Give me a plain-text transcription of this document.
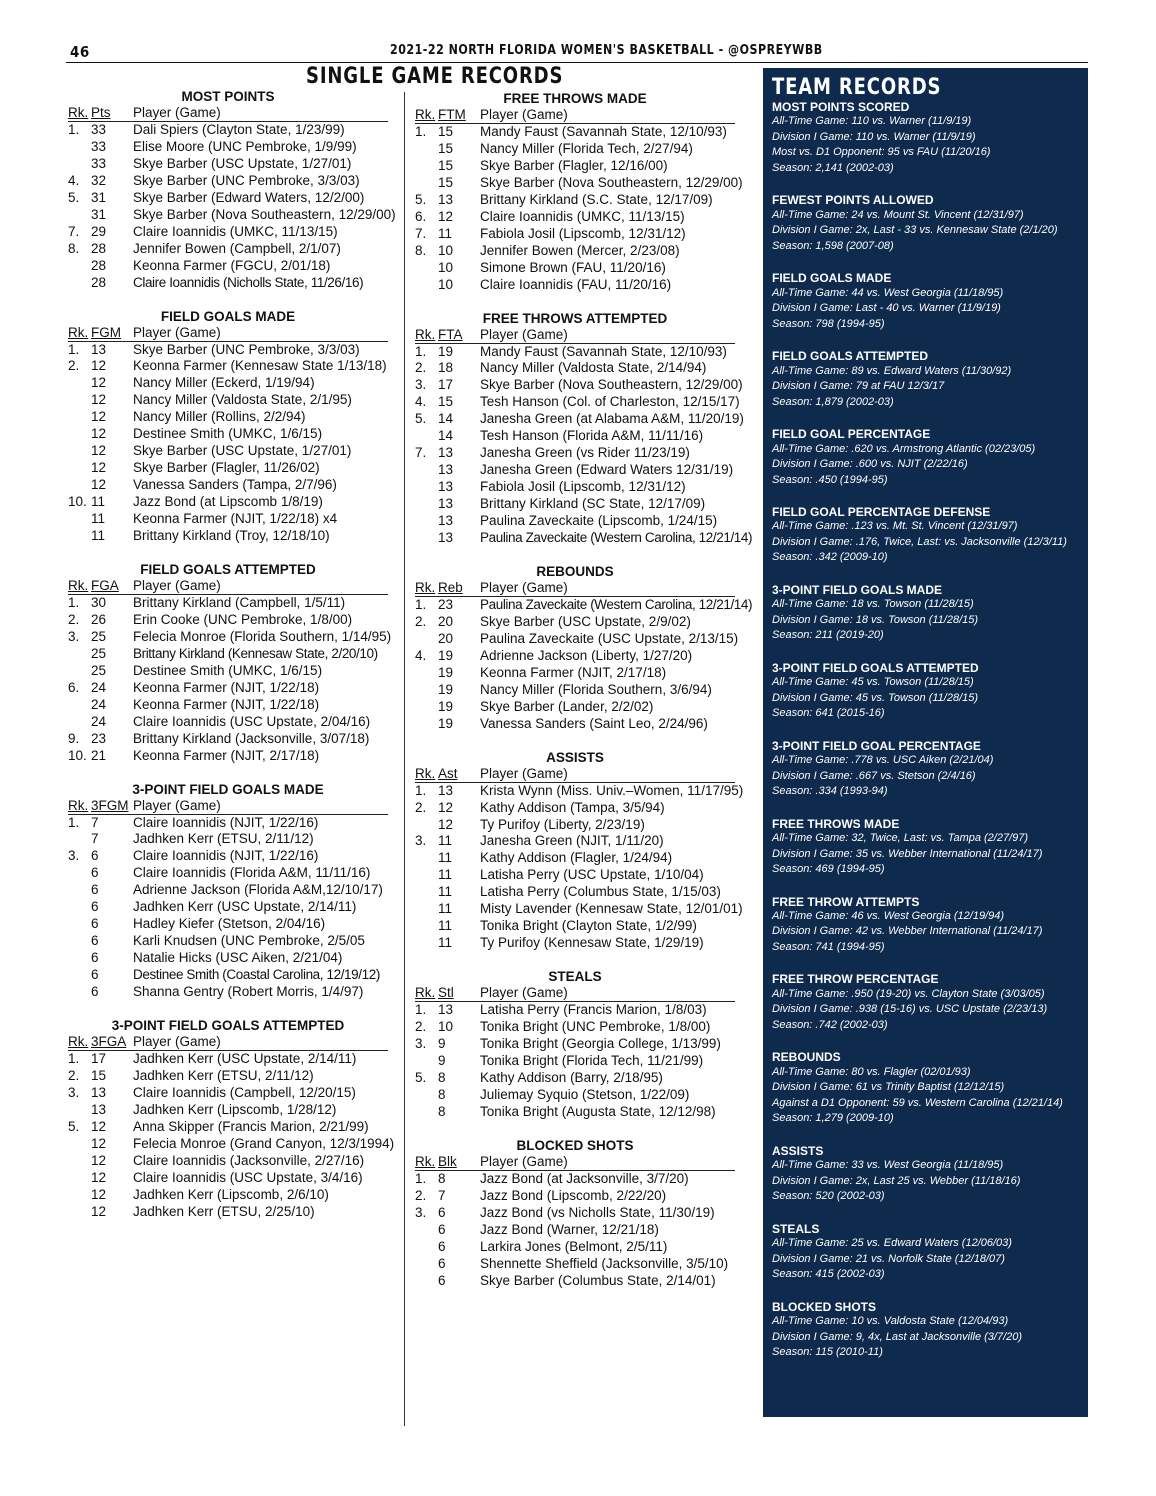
46	2021-22 NORTH FLORIDA WOMEN'S BASKETBALL - @OSPREYWBB
SINGLE GAME RECORDS
MOST POINTS
Rk. Pts	Player (Game)
1. 33	Dali Spiers (Clayton State, 1/23/99)
33	Elise Moore (UNC Pembroke, 1/9/99)
33	Skye Barber (USC Upstate, 1/27/01)
4. 32	Skye Barber (UNC Pembroke, 3/3/03)
5. 31	Skye Barber (Edward Waters, 12/2/00)
31	Skye Barber (Nova Southeastern, 12/29/00)
7. 29	Claire Ioannidis (UMKC, 11/13/15)
8. 28	Jennifer Bowen (Campbell, 2/1/07)
28	Keonna Farmer (FGCU, 2/01/18)
28	Claire Ioannidis (Nicholls State, 11/26/16)
FIELD GOALS MADE
Rk. FGM Player (Game)
1. 13	Skye Barber (UNC Pembroke, 3/3/03)
2. 12	Keonna Farmer (Kennesaw State 1/13/18)
12	Nancy Miller (Eckerd, 1/19/94)
12	Nancy Miller (Valdosta State, 2/1/95)
12	Nancy Miller (Rollins, 2/2/94)
12	Destinee Smith (UMKC, 1/6/15)
12	Skye Barber (USC Upstate, 1/27/01)
12	Skye Barber (Flagler, 11/26/02)
12	Vanessa Sanders (Tampa, 2/7/96)
10. 11	Jazz Bond (at Lipscomb 1/8/19)
11	Keonna Farmer (NJIT, 1/22/18) x4
11	Brittany Kirkland (Troy, 12/18/10)
FIELD GOALS ATTEMPTED
Rk. FGA	Player (Game)
1. 30	Brittany Kirkland (Campbell, 1/5/11)
2. 26	Erin Cooke (UNC Pembroke, 1/8/00)
3. 25	Felecia Monroe (Florida Southern, 1/14/95)
25	Brittany Kirkland (Kennesaw State, 2/20/10)
25	Destinee Smith (UMKC, 1/6/15)
6. 24	Keonna Farmer (NJIT, 1/22/18)
24	Keonna Farmer (NJIT, 1/22/18)
24	Claire Ioannidis (USC Upstate, 2/04/16)
9. 23	Brittany Kirkland (Jacksonville, 3/07/18)
10. 21	Keonna Farmer (NJIT, 2/17/18)
3-POINT FIELD GOALS MADE
Rk. 3FGM Player (Game)
1. 7	Claire Ioannidis (NJIT, 1/22/16)
7	Jadhken Kerr (ETSU, 2/11/12)
3. 6	Claire Ioannidis (NJIT, 1/22/16)
6	Claire Ioannidis (Florida A&M, 11/11/16)
6	Adrienne Jackson (Florida A&M,12/10/17)
6	Jadhken Kerr (USC Upstate, 2/14/11)
6	Hadley Kiefer (Stetson, 2/04/16)
6	Karli Knudsen (UNC Pembroke, 2/5/05
6	Natalie Hicks (USC Aiken, 2/21/04)
6	Destinee Smith (Coastal Carolina, 12/19/12)
6	Shanna Gentry (Robert Morris, 1/4/97)
3-POINT FIELD GOALS ATTEMPTED
Rk. 3FGA Player (Game)
1. 17	Jadhken Kerr (USC Upstate, 2/14/11)
2. 15	Jadhken Kerr (ETSU, 2/11/12)
3. 13	Claire Ioannidis (Campbell, 12/20/15)
13	Jadhken Kerr (Lipscomb, 1/28/12)
5. 12	Anna Skipper (Francis Marion, 2/21/99)
12	Felecia Monroe (Grand Canyon, 12/3/1994)
12	Claire Ioannidis (Jacksonville, 2/27/16)
12	Claire Ioannidis (USC Upstate, 3/4/16)
12	Jadhken Kerr (Lipscomb, 2/6/10)
12	Jadhken Kerr (ETSU, 2/25/10)
FREE THROWS MADE
Rk. FTM	Player (Game)
1. 15	Mandy Faust (Savannah State, 12/10/93)
15	Nancy Miller (Florida Tech, 2/27/94)
15	Skye Barber (Flagler, 12/16/00)
15	Skye Barber (Nova Southeastern, 12/29/00)
5. 13	Brittany Kirkland (S.C. State, 12/17/09)
6. 12	Claire Ioannidis (UMKC, 11/13/15)
7. 11	Fabiola Josil (Lipscomb, 12/31/12)
8. 10	Jennifer Bowen (Mercer, 2/23/08)
10	Simone Brown (FAU, 11/20/16)
10	Claire Ioannidis (FAU, 11/20/16)
FREE THROWS ATTEMPTED
Rk. FTA	Player (Game)
1. 19	Mandy Faust (Savannah State, 12/10/93)
2. 18	Nancy Miller (Valdosta State, 2/14/94)
3. 17	Skye Barber (Nova Southeastern, 12/29/00)
4. 15	Tesh Hanson (Col. of Charleston, 12/15/17)
5. 14	Janesha Green (at Alabama A&M, 11/20/19)
14	Tesh Hanson (Florida A&M, 11/11/16)
7. 13	Janesha Green (vs Rider 11/23/19)
13	Janesha Green (Edward Waters 12/31/19)
13	Fabiola Josil (Lipscomb, 12/31/12)
13	Brittany Kirkland (SC State, 12/17/09)
13	Paulina Zaveckaite (Lipscomb, 1/24/15)
13	Paulina Zaveckaite (Western Carolina, 12/21/14)
REBOUNDS
Rk. Reb	Player (Game)
1. 23	Paulina Zaveckaite (Western Carolina, 12/21/14)
2. 20	Skye Barber (USC Upstate, 2/9/02)
20	Paulina Zaveckaite (USC Upstate, 2/13/15)
4. 19	Adrienne Jackson (Liberty, 1/27/20)
19	Keonna Farmer (NJIT, 2/17/18)
19	Nancy Miller (Florida Southern, 3/6/94)
19	Skye Barber (Lander, 2/2/02)
19	Vanessa Sanders (Saint Leo, 2/24/96)
ASSISTS
Rk. Ast	Player (Game)
1. 13	Krista Wynn (Miss. Univ.–Women, 11/17/95)
2. 12	Kathy Addison (Tampa, 3/5/94)
12	Ty Purifoy (Liberty, 2/23/19)
3. 11	Janesha Green (NJIT, 1/11/20)
11	Kathy Addison (Flagler, 1/24/94)
11	Latisha Perry (USC Upstate, 1/10/04)
11	Latisha Perry (Columbus State, 1/15/03)
11	Misty Lavender (Kennesaw State, 12/01/01)
11	Tonika Bright (Clayton State, 1/2/99)
11	Ty Purifoy (Kennesaw State, 1/29/19)
STEALS
Rk. Stl	Player (Game)
1. 13	Latisha Perry (Francis Marion, 1/8/03)
2. 10	Tonika Bright (UNC Pembroke, 1/8/00)
3. 9	Tonika Bright (Georgia College, 1/13/99)
9	Tonika Bright (Florida Tech, 11/21/99)
5. 8	Kathy Addison (Barry, 2/18/95)
8	Juliemay Syquio (Stetson, 1/22/09)
8	Tonika Bright (Augusta State, 12/12/98)
BLOCKED SHOTS
Rk. Blk	Player (Game)
1. 8	Jazz Bond (at Jacksonville, 3/7/20)
2. 7	Jazz Bond (Lipscomb, 2/22/20)
3. 6	Jazz Bond (vs Nicholls State, 11/30/19)
6	Jazz Bond (Warner, 12/21/18)
6	Larkira Jones (Belmont, 2/5/11)
6	Shennette Sheffield (Jacksonville, 3/5/10)
6	Skye Barber (Columbus State, 2/14/01)
TEAM RECORDS
MOST POINTS SCORED
All-Time Game: 110 vs. Warner (11/9/19)
Division I Game: 110 vs. Warner (11/9/19)
Most vs. D1 Opponent: 95 vs FAU (11/20/16)
Season: 2,141 (2002-03)
FEWEST POINTS ALLOWED
All-Time Game: 24 vs. Mount St. Vincent (12/31/97)
Division I Game: 2x, Last - 33 vs. Kennesaw State (2/1/20)
Season: 1,598 (2007-08)
FIELD GOALS MADE
All-Time Game: 44 vs. West Georgia (11/18/95)
Division I Game: Last - 40 vs. Warner (11/9/19)
Season: 798 (1994-95)
FIELD GOALS ATTEMPTED
All-Time Game: 89 vs. Edward Waters (11/30/92)
Division I Game: 79 at FAU 12/3/17
Season: 1,879 (2002-03)
FIELD GOAL PERCENTAGE
All-Time Game: .620 vs. Armstrong Atlantic (02/23/05)
Division I Game: .600 vs. NJIT (2/22/16)
Season: .450 (1994-95)
FIELD GOAL PERCENTAGE DEFENSE
All-Time Game: .123 vs. Mt. St. Vincent (12/31/97)
Division I Game: .176, Twice, Last: vs. Jacksonville (12/3/11)
Season: .342 (2009-10)
3-POINT FIELD GOALS MADE
All-Time Game: 18 vs. Towson (11/28/15)
Division I Game: 18 vs. Towson (11/28/15)
Season: 211 (2019-20)
3-POINT FIELD GOALS ATTEMPTED
All-Time Game: 45 vs. Towson (11/28/15)
Division I Game: 45 vs. Towson (11/28/15)
Season: 641 (2015-16)
3-POINT FIELD GOAL PERCENTAGE
All-Time Game: .778 vs. USC Aiken (2/21/04)
Division I Game: .667 vs. Stetson (2/4/16)
Season: .334 (1993-94)
FREE THROWS MADE
All-Time Game: 32, Twice, Last: vs. Tampa (2/27/97)
Division I Game: 35 vs. Webber International (11/24/17)
Season: 469 (1994-95)
FREE THROW ATTEMPTS
All-Time Game: 46 vs. West Georgia (12/19/94)
Division I Game: 42 vs. Webber International (11/24/17)
Season: 741 (1994-95)
FREE THROW PERCENTAGE
All-Time Game: .950 (19-20) vs. Clayton State (3/03/05)
Division I Game: .938 (15-16) vs. USC Upstate (2/23/13)
Season: .742 (2002-03)
REBOUNDS
All-Time Game: 80 vs. Flagler (02/01/93)
Division I Game: 61 vs Trinity Baptist (12/12/15)
Against a D1 Opponent: 59 vs. Western Carolina (12/21/14)
Season: 1,279 (2009-10)
ASSISTS
All-Time Game: 33 vs. West Georgia (11/18/95)
Division I Game: 2x, Last 25 vs. Webber (11/18/16)
Season: 520 (2002-03)
STEALS
All-Time Game: 25 vs. Edward Waters (12/06/03)
Division I Game: 21 vs. Norfolk State (12/18/07)
Season: 415 (2002-03)
BLOCKED SHOTS
All-Time Game: 10 vs. Valdosta State (12/04/93)
Division I Game: 9, 4x, Last at Jacksonville (3/7/20)
Season: 115 (2010-11)
